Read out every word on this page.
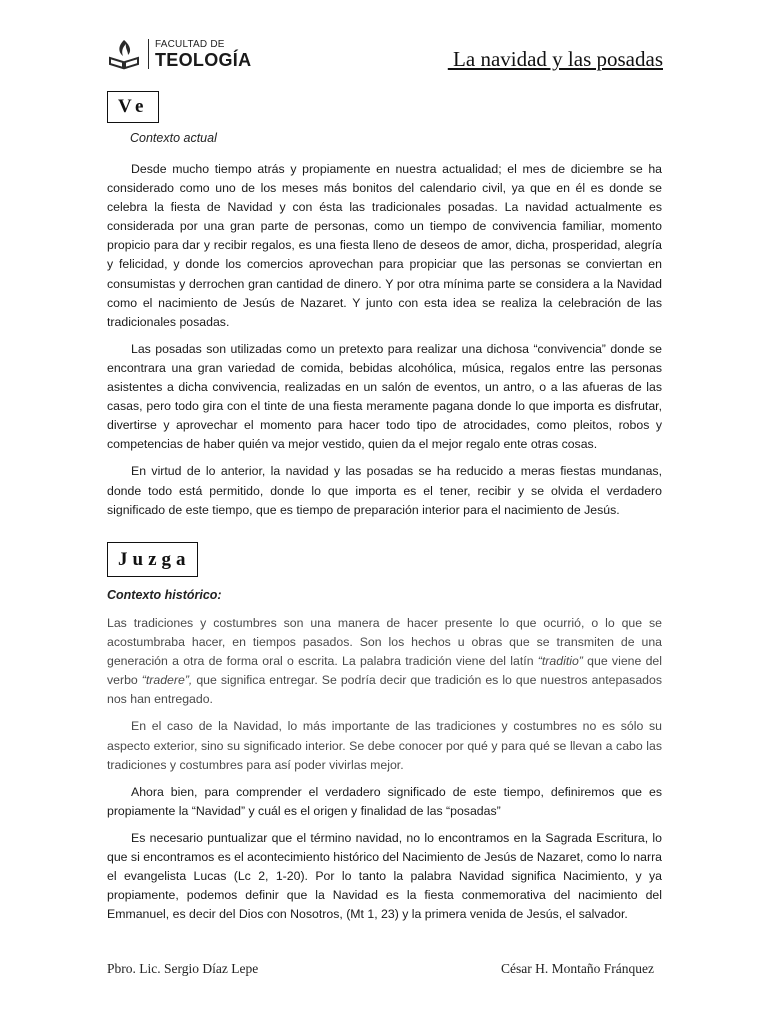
FACULTAD DE
TEOLOGÍA	La navidad y las posadas
Ve
Contexto actual

Desde mucho tiempo atrás y propiamente en nuestra actualidad; el mes de diciembre se ha considerado como uno de los meses más bonitos del calendario civil, ya que en él es donde se celebra la fiesta de Navidad y con ésta las tradicionales posadas. La navidad actualmente es considerada por una gran parte de personas, como un tiempo de convivencia familiar, momento propicio para dar y recibir regalos, es una fiesta lleno de deseos de amor, dicha, prosperidad, alegría y felicidad, y donde los comercios aprovechan para propiciar que las personas se conviertan en consumistas y derrochen gran cantidad de dinero. Y por otra mínima parte se considera a la Navidad como el nacimiento de Jesús de Nazaret. Y junto con esta idea se realiza la celebración de las tradicionales posadas.

Las posadas son utilizadas como un pretexto para realizar una dichosa “convivencia” donde se encontrara una gran variedad de comida, bebidas alcohólica, música, regalos entre las personas asistentes a dicha convivencia, realizadas en un salón de eventos, un antro, o a las afueras de las casas, pero todo gira con el tinte de una fiesta meramente pagana donde lo que importa es disfrutar, divertirse y aprovechar el momento para hacer todo tipo de atrocidades, como pleitos, robos y competencias de haber quién va mejor vestido, quien da el mejor regalo ente otras cosas.

En virtud de lo anterior, la navidad y las posadas se ha reducido a meras fiestas mundanas, donde todo está permitido, donde lo que importa es el tener, recibir y se olvida el verdadero significado de este tiempo, que es tiempo de preparación interior para el nacimiento de Jesús.

Juzga
Contexto histórico:

Las tradiciones y costumbres son una manera de hacer presente lo que ocurrió, o lo que se acostumbraba hacer, en tiempos pasados. Son los hechos u obras que se transmiten de una generación a otra de forma oral o escrita. La palabra tradición viene del latín “traditio” que viene del verbo “tradere”, que significa entregar. Se podría decir que tradición es lo que nuestros antepasados nos han entregado.

En el caso de la Navidad, lo más importante de las tradiciones y costumbres no es sólo su aspecto exterior, sino su significado interior. Se debe conocer por qué y para qué se llevan a cabo las tradiciones y costumbres para así poder vivirlas mejor.

Ahora bien, para comprender el verdadero significado de este tiempo, definiremos que es propiamente la “Navidad” y cuál es el origen y finalidad de las “posadas”

Es necesario puntualizar que el término navidad, no lo encontramos en la Sagrada Escritura, lo que si encontramos es el acontecimiento histórico del Nacimiento de Jesús de Nazaret, como lo narra el evangelista Lucas (Lc 2, 1-20). Por lo tanto la palabra Navidad significa Nacimiento, y ya propiamente, podemos definir que la Navidad es la fiesta conmemorativa del nacimiento del Emmanuel, es decir del Dios con Nosotros, (Mt 1, 23) y la primera venida de Jesús, el salvador.

Pbro. Lic. Sergio Díaz Lepe	César H. Montaño Fránquez
